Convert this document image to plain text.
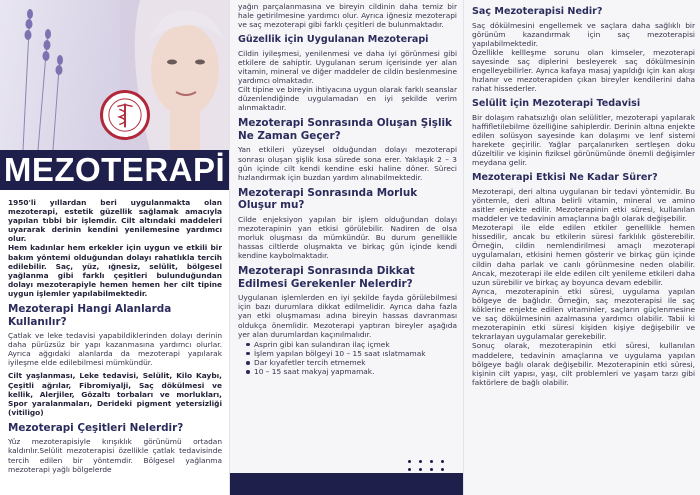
MEZOTERAPİ

1950'li yıllardan beri uygulanmakta olan mezoterapi, estetik güzellik sağlamak amacıyla yapılan tıbbi bir işlemdir. Cilt altındaki maddeleri uyararak derinin kendini yenilemesine yardımcı olur.

Hem kadınlar hem erkekler için uygun ve etkili bir bakım yöntemi olduğundan dolayı rahatlıkla tercih edilebilir. Saç, yüz, ığnesiz, selülit, bölgesel yağlanma gibi farklı çeşitleri bulunduğundan dolayı mezoterapiyle hemen hemen her cilt tipine uygun işlemler yapılabilmektedir.

Mezoterapi Hangi Alanlarda Kullanılır?

Çatlak ve leke tedavisi yapabildiklerinden dolayı derinin daha pürüzsüz bir yapı kazanmasına yardımcı olurlar. Ayrıca ağgıdaki alanlarda da mezoterapi yapılarak iyileşme elde edilebilmesi mümkündür.

Cilt yaşlanması, Leke tedavisi, Selülit, Kilo Kaybı, Çeşitli ağrılar, Fibromiyalji, Saç dökülmesi ve kellik, Alerjiler, Gözaltı torbaları ve morlukları, Spor yaralanmaları, Derideki pigment yetersizliği (vitiligo)

Mezoterapi Çeşitleri Nelerdir?

Yüz mezoterapisiyle kırışıklık görünümü ortadan kaldırılır.Selülit mezoterapisi özellikle çatlak tedavisinde tercih edilen bir yöntemdir. Bölgesel yağlanma mezoterapi yağlı bölgelerde

yağın parçalanmasına ve bireyin cildinin daha temiz bir hale getirilmesine yardımcı olur. Ayrıca iğnesiz mezoterapi ve saç mezoterapi gibi farklı çeşitleri de bulunmaktadır.

Güzellik için Uygulanan Mezoterapi

Cildin iyileşmesi, yenilenmesi ve daha iyi görünmesi gibi etkilere de sahiptir. Uygulanan serum içerisinde yer alan vitamin, mineral ve diğer maddeler de cildin beslenmesine yardımcı olmaktadır.

Cilt tipine ve bireyin ihtiyacına uygun olarak farklı seanslar düzenlendiğinde uygulamadan en iyi şekilde verim alınmaktadır.

Mezoterapi Sonrasında Oluşan Şişlik Ne Zaman Geçer?

Yan etkileri yüzeysel olduğundan dolayı mezoterapi sonrası oluşan şişlik kısa sürede sona erer. Yaklaşık 2 – 3 gün içinde cilt kendi kendine eski haline döner. Süreci hızlandırmak için buzdan yardım alınabilmektedir.

Mezoterapi Sonrasında Morluk Oluşur mu?

Cilde enjeksiyon yapılan bir işlem olduğundan dolayı mezoterapinin yan etkisi görülebilir. Nadiren de olsa morluk oluşması da mümkündür. Bu durum genellikle hassas ciltlerde oluşmakta ve birkaç gün içinde kendi kendine kaybolmaktadır.

Mezoterapi Sonrasında Dikkat Edilmesi Gerekenler Nelerdir?

Uygulanan işlemlerden en iyi şekilde fayda görülebilmesi için bazı durumlara dikkat edilmelidir. Ayrıca daha fazla yan etki oluşmaması adına bireyin hassas davranması oldukça önemlidir. Mezoterapi yaptıran bireyler aşağıda yer alan durumlardan kaçınılmalıdır.

Asprin gibi kan sulandıran ilaç içmek
İşlem yapılan bölgeyi 10 – 15 saat ıslatmamak
Dar kıyafetler tercih etmemek
10 – 15 saat makyaj yapmamak.
Saç Mezoterapisi Nedir?

Saç dökülmesini engellemek ve saçlara daha sağlıklı bir görünüm kazandırmak için saç mezoterapisi yapılabilmektedir.

Özellikle kellleşme sorunu olan kimseler, mezoterapi sayesinde saç diplerini besleyerek saç dökülmesinin engelleyebilirler. Ayrıca kafaya masaj yapıldığı için kan akışı hızlanır ve mezoterapiden çıkan bireyler kendilerini daha rahat hissederler.

Selülit için Mezoterapi Tedavisi

Bir dolaşım rahatsızlığı olan selülitler, mezoterapi yapılarak haffifletilebilme özelliğine sahiplerdir. Derinin altına enjekte edilen solüsyon sayesinde kan dolaşımı ve lenf sistemi harekete geçirilir. Yağlar parçalanırken sertleşen doku düzeltilir ve kişinin fiziksel görünümünde önemli değişimler meydana gelir.

Mezoterapi Etkisi Ne Kadar Sürer?

Mezoterapi, deri altına uygulanan bir tedavi yöntemidir. Bu yöntemle, deri altına belirli vitamin, mineral ve amino asitler enjekte edilir. Mezoterapinin etki süresi, kullanılan maddeler ve tedavinin amaçlarına bağlı olarak değişebilir.

Mezoterapi ile elde edilen etkiler genellikle hemen hissedilir, ancak bu etkilerin süresi farklılık gösterebilir. Örneğin, cildin nemlendirilmesi amaçlı mezoterapi uygulamaları, etkisini hemen gösterir ve birkaç gün içinde cildin daha parlak ve canlı görünmesine neden olabilir. Ancak, mezoterapi ile elde edilen cilt yenileme etkileri daha uzun sürebilir ve birkaç ay boyunca devam edebilir.

Ayrıca, mezoterapinin etki süresi, uygulama yapılan bölgeye de bağlıdır. Örneğin, saç mezoterapisi ile saç köklerine enjekte edilen vitaminler, saçların güçlenmesine ve saç dökülmesinin azalmasına yardımcı olabilir. Tabii ki mezoterapinin etki süresi kişiden kişiye değişebilir ve tekrarlayan uygulamalar gerekebilir.

Sonuç olarak, mezoterapinin etki süresi, kullanılan maddelere, tedavinin amaçlarına ve uygulama yapılan bölgeye bağlı olarak değişebilir. Mezoterapinin etki süresi, kişinin cilt yapısı, yaşı, cilt problemleri ve yaşam tarzı gibi faktörlere de bağlı olabilir.
